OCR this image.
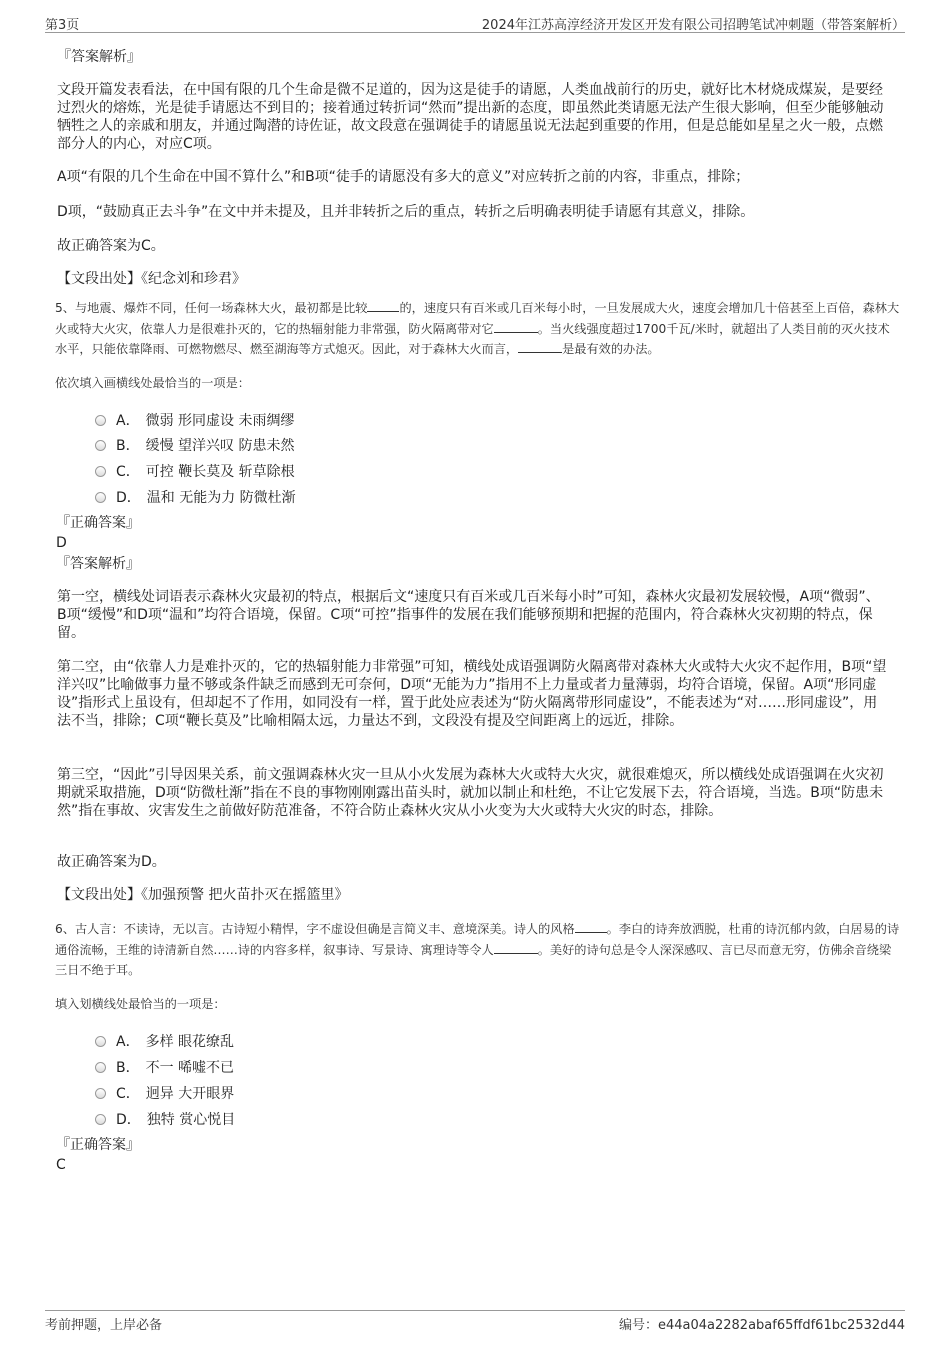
第3页	2024年江苏高淳经济开发区开发有限公司招聘笔试冲刺题（带答案解析）
『答案解析』
文段开篇发表看法，在中国有限的几个生命是微不足道的，因为这是徒手的请愿，人类血战前行的历史，就好比木材烧成煤炭，是要经过烈火的熔炼，光是徒手请愿达不到目的；接着通过转折词“然而”提出新的态度，即虽然此类请愿无法产生很大影响，但至少能够触动牺牲之人的亲戚和朋友，并通过陶潜的诗佐证，故文段意在强调徒手的请愿虽说无法起到重要的作用，但是总能如星星之火一般，点燃部分人的内心，对应C项。
A项“有限的几个生命在中国不算什么”和B项“徒手的请愿没有多大的意义”对应转折之前的内容，非重点，排除；
D项，“鼓励真正去斗争”在文中并未提及，且并非转折之后的重点，转折之后明确表明徒手请愿有其意义，排除。
故正确答案为C。
【文段出处】《纪念刘和珍君》
5、与地震、爆炸不同，任何一场森林大火，最初都是比较	的，速度只有百米或几百米每小时，一旦发展成大火，速度会增加几十倍甚至上百倍，森林大火或特大火灾，依靠人力是很难扑灭的，它的热辐射能力非常强，防火隔离带对它	。当火线强度超过1700千瓦/米时，就超出了人类目前的灭火技术水平，只能依靠降雨、可燃物燃尽、燃至湖海等方式熄灭。因此，对于森林大火而言，	是最有效的办法。
依次填入画横线处最恰当的一项是：
A． 微弱 形同虚设 未雨绸缪
B． 缓慢 望洋兴叹 防患未然
C． 可控 鞭长莫及 斩草除根
D． 温和 无能为力 防微杜渐
『正确答案』
D
『答案解析』
第一空，横线处词语表示森林火灾最初的特点，根据后文“速度只有百米或几百米每小时”可知，森林火灾最初发展较慢，A项“微弱”、B项“缓慢”和D项“温和”均符合语境，保留。C项“可控”指事件的发展在我们能够预期和把握的范围内，符合森林火灾初期的特点，保留。
第二空，由“依靠人力是难扑灭的，它的热辐射能力非常强”可知，横线处成语强调防火隔离带对森林大火或特大火灾不起作用，B项“望洋兴叹”比喻做事力量不够或条件缺乏而感到无可奈何，D项“无能为力”指用不上力量或者力量薄弱，均符合语境，保留。A项“形同虚设”指形式上虽设有，但却起不了作用，如同没有一样，置于此处应表述为“防火隔离带形同虚设”，不能表述为“对……形同虚设”，用法不当，排除；C项“鞭长莫及”比喻相隔太远，力量达不到，文段没有提及空间距离上的远近，排除。
第三空，“因此”引导因果关系，前文强调森林火灾一旦从小火发展为森林大火或特大火灾，就很难熄灭，所以横线处成语强调在火灾初期就采取措施，D项“防微杜渐”指在不良的事物刚刚露出苗头时，就加以制止和杜绝，不让它发展下去，符合语境，当选。B项“防患未然”指在事故、灾害发生之前做好防范准备，不符合防止森林火灾从小火变为大火或特大火灾的时态，排除。
故正确答案为D。
【文段出处】《加强预警 把火苗扑灭在摇篮里》
6、古人言：不读诗，无以言。古诗短小精悍，字不虚设但确是言简义丰、意境深美。诗人的风格	。李白的诗奔放洒脱，杜甫的诗沉郁内敛，白居易的诗通俗流畅，王维的诗清新自然……诗的内容多样，叙事诗、写景诗、寓理诗等令人	。美好的诗句总是令人深深感叹、言已尽而意无穷，仿佛余音绕梁三日不绝于耳。
填入划横线处最恰当的一项是：
A． 多样 眼花缭乱
B． 不一 唏嘘不已
C． 迥异 大开眼界
D． 独特 赏心悦目
『正确答案』
C
考前押题，上岸必备	编号：e44a04a2282abaf65ffdf61bc2532d44
